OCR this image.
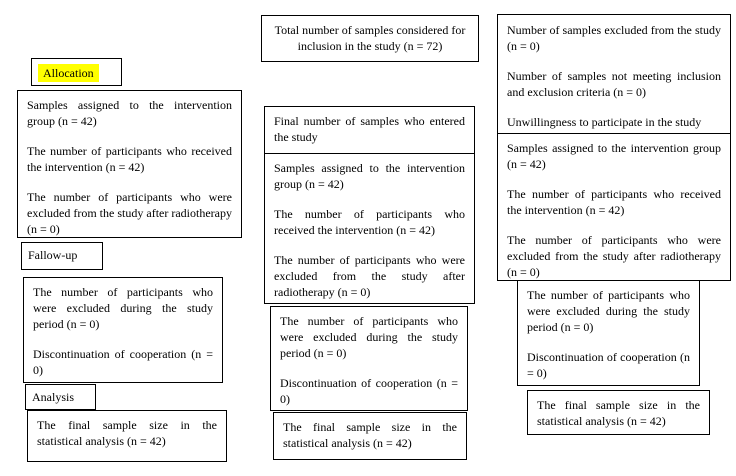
Total number of samples considered for inclusion in the study (n = 72)

Number of samples excluded from the study (n = 0)

Number of samples not meeting inclusion and exclusion criteria (n = 0)

Unwillingness to participate in the study

Allocation
Fallow-up
Analysis

Samples assigned to the intervention group (n = 42)

The number of participants who received the intervention (n = 42)

The number of participants who were excluded from the study after radiotherapy (n = 0)

The number of participants who were excluded during the study period (n = 0)

Discontinuation of cooperation (n = 0)

The final sample size in the statistical analysis (n = 42)

Final number of samples who entered the study

Samples assigned to the intervention group (n = 42)

The number of participants who received the intervention (n = 42)

The number of participants who were excluded from the study after radiotherapy (n = 0)

The number of participants who were excluded during the study period (n = 0)

Discontinuation of cooperation (n = 0)

The final sample size in the statistical analysis (n = 42)

Samples assigned to the intervention group (n = 42)

The number of participants who received the intervention (n = 42)

The number of participants who were excluded from the study after radiotherapy (n = 0)

The number of participants who were excluded during the study period (n = 0)

Discontinuation of cooperation (n = 0)

The final sample size in the statistical analysis (n = 42)
